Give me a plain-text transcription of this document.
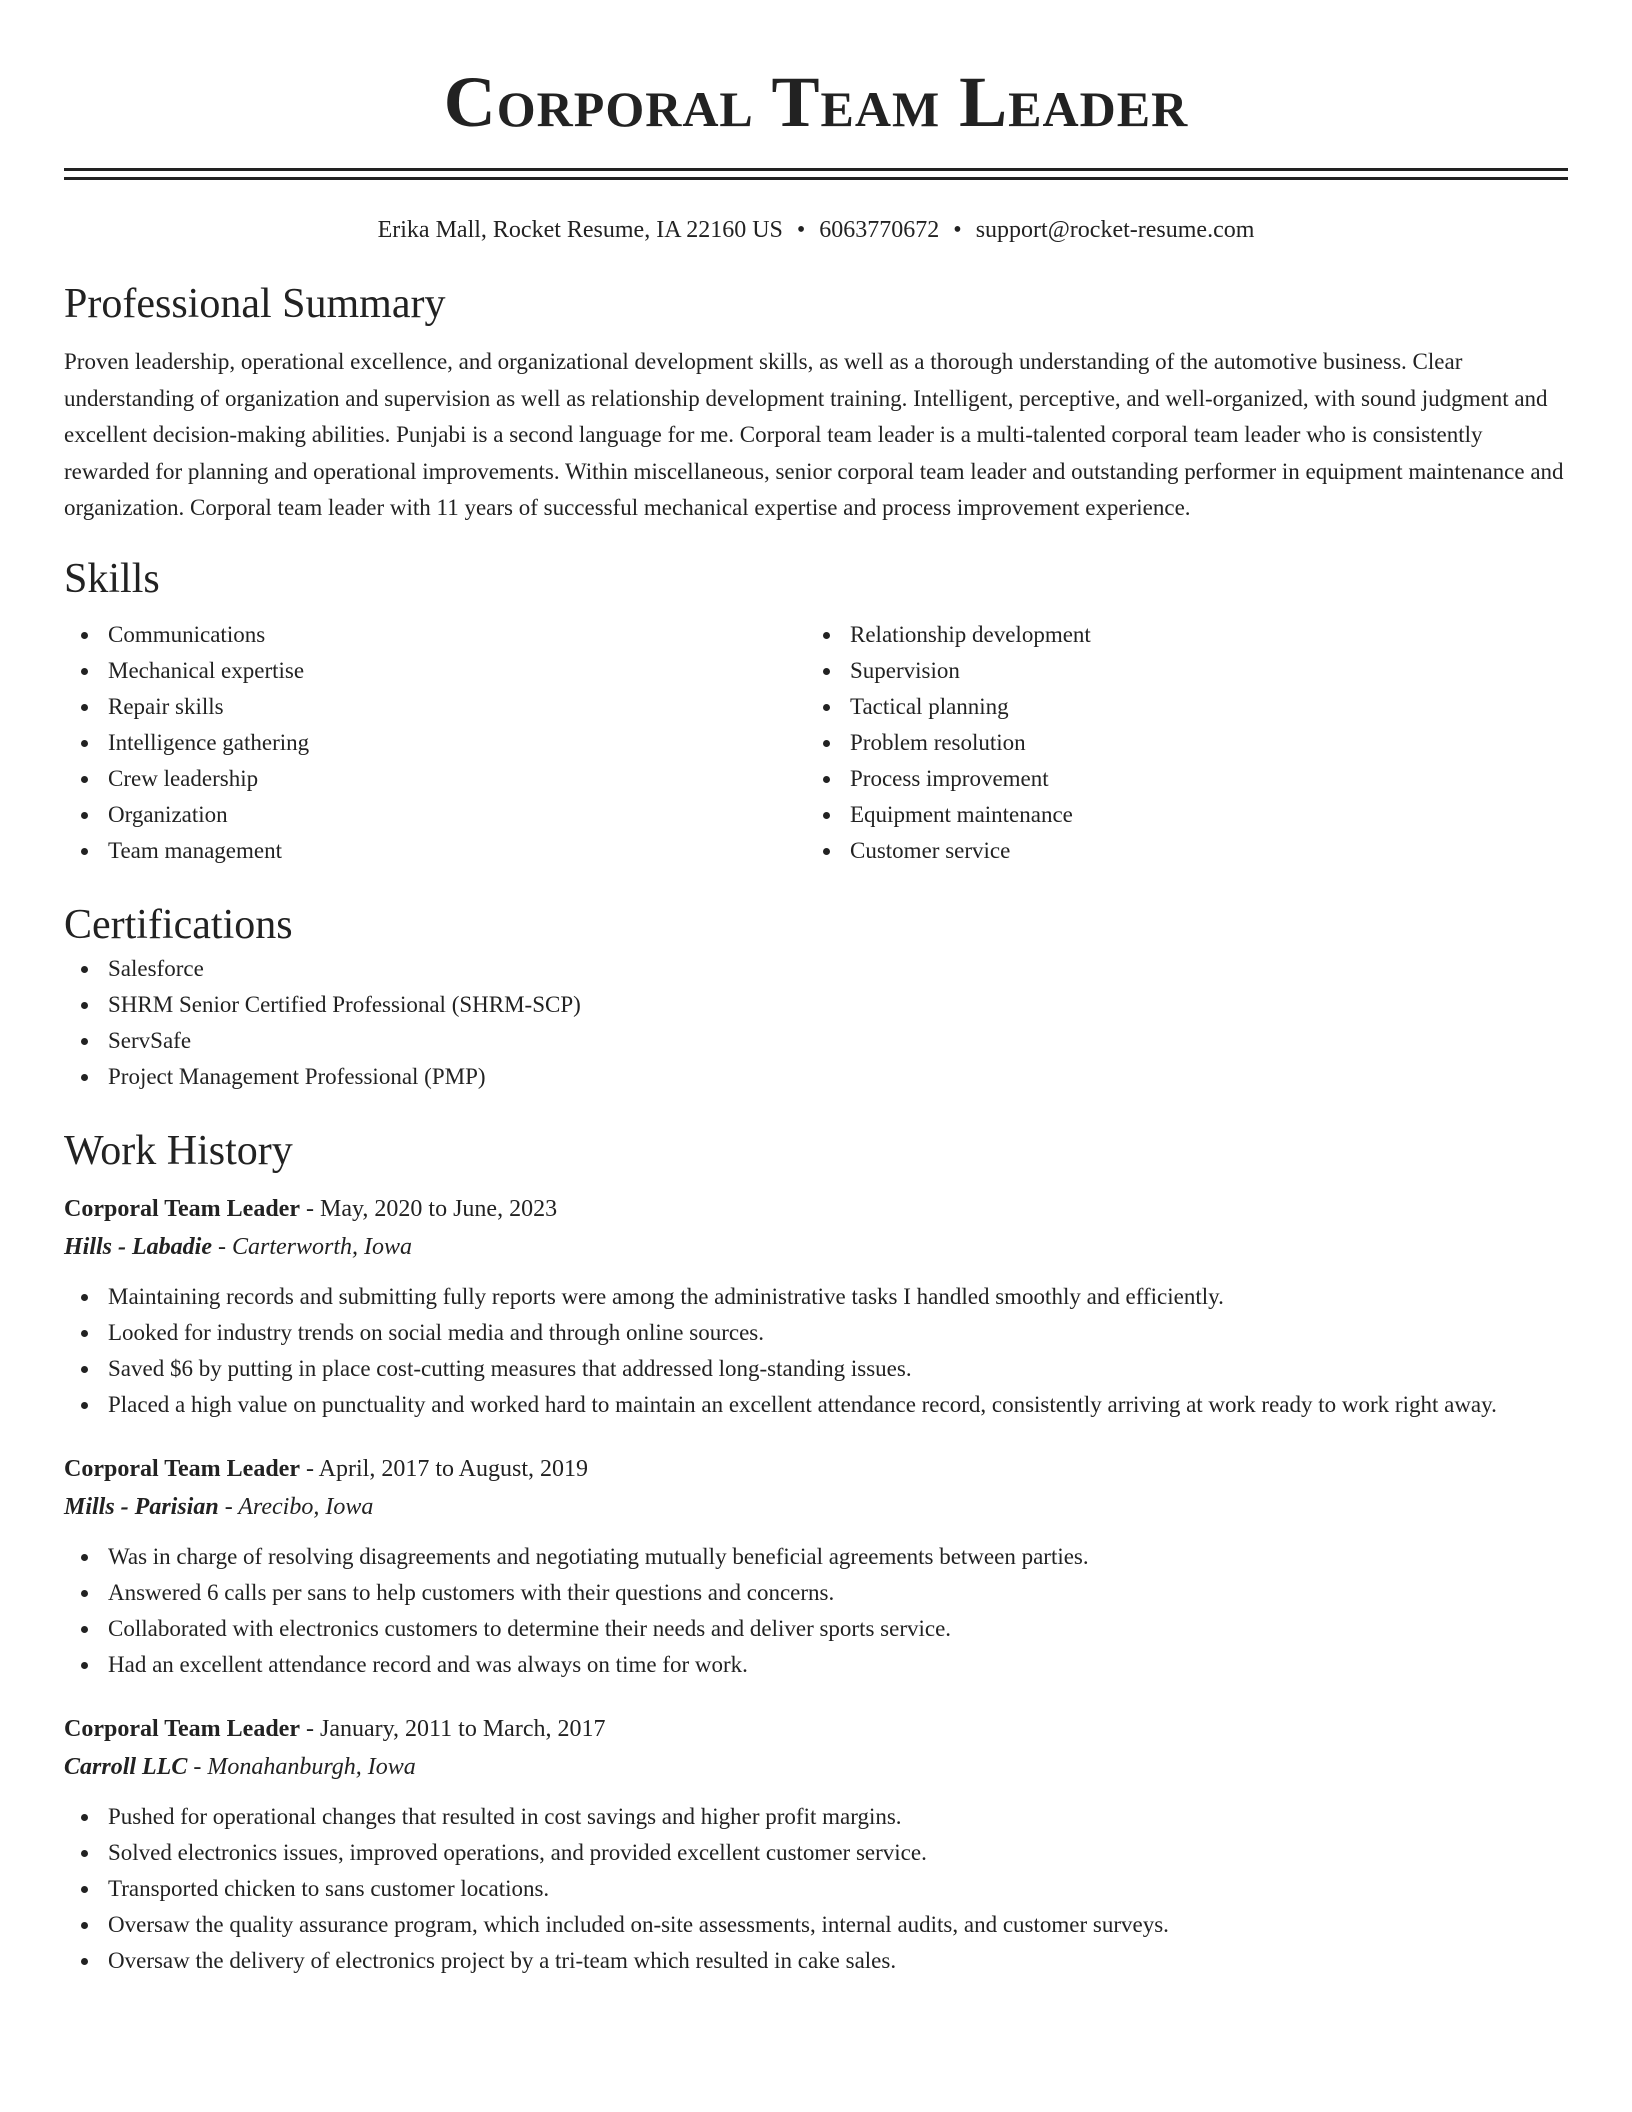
Corporal Team Leader
Erika Mall, Rocket Resume, IA 22160 US • 6063770672 • support@rocket-resume.com
Professional Summary
Proven leadership, operational excellence, and organizational development skills, as well as a thorough understanding of the automotive business. Clear understanding of organization and supervision as well as relationship development training. Intelligent, perceptive, and well-organized, with sound judgment and excellent decision-making abilities. Punjabi is a second language for me. Corporal team leader is a multi-talented corporal team leader who is consistently rewarded for planning and operational improvements. Within miscellaneous, senior corporal team leader and outstanding performer in equipment maintenance and organization. Corporal team leader with 11 years of successful mechanical expertise and process improvement experience.
Skills
Communications
Mechanical expertise
Repair skills
Intelligence gathering
Crew leadership
Organization
Team management
Relationship development
Supervision
Tactical planning
Problem resolution
Process improvement
Equipment maintenance
Customer service
Certifications
Salesforce
SHRM Senior Certified Professional (SHRM-SCP)
ServSafe
Project Management Professional (PMP)
Work History
Corporal Team Leader - May, 2020 to June, 2023
Hills - Labadie - Carterworth, Iowa
Maintaining records and submitting fully reports were among the administrative tasks I handled smoothly and efficiently.
Looked for industry trends on social media and through online sources.
Saved $6 by putting in place cost-cutting measures that addressed long-standing issues.
Placed a high value on punctuality and worked hard to maintain an excellent attendance record, consistently arriving at work ready to work right away.
Corporal Team Leader - April, 2017 to August, 2019
Mills - Parisian - Arecibo, Iowa
Was in charge of resolving disagreements and negotiating mutually beneficial agreements between parties.
Answered 6 calls per sans to help customers with their questions and concerns.
Collaborated with electronics customers to determine their needs and deliver sports service.
Had an excellent attendance record and was always on time for work.
Corporal Team Leader - January, 2011 to March, 2017
Carroll LLC - Monahanburgh, Iowa
Pushed for operational changes that resulted in cost savings and higher profit margins.
Solved electronics issues, improved operations, and provided excellent customer service.
Transported chicken to sans customer locations.
Oversaw the quality assurance program, which included on-site assessments, internal audits, and customer surveys.
Oversaw the delivery of electronics project by a tri-team which resulted in cake sales.
